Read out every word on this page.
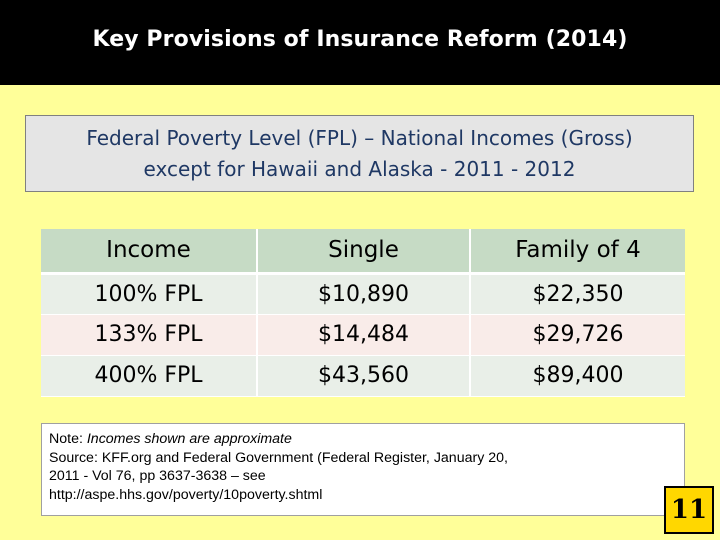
Key Provisions of Insurance Reform (2014)
Federal Poverty Level (FPL) – National Incomes (Gross)
except for Hawaii and Alaska - 2011 - 2012
Income	Single	Family of 4
100% FPL	$10,890	$22,350
133% FPL	$14,484	$29,726
400% FPL	$43,560	$89,400
Note: Incomes shown are approximate
Source: KFF.org and Federal Government (Federal Register, January 20,
2011 - Vol 76, pp 3637-3638 – see
http://aspe.hhs.gov/poverty/10poverty.shtml
11
